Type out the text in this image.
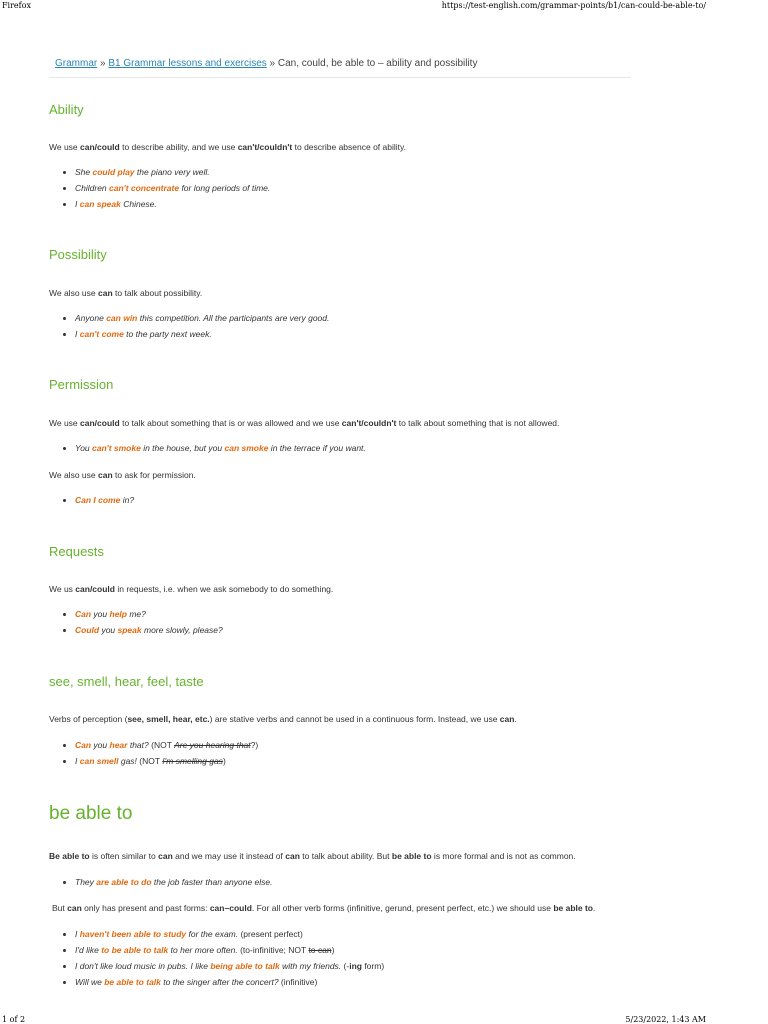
Firefox	https://test-english.com/grammar-points/b1/can-could-be-able-to/
Grammar » B1 Grammar lessons and exercises » Can, could, be able to – ability and possibility
Ability

We use can/could to describe ability, and we use can't/couldn't to describe absence of ability.

• She could play the piano very well.
• Children can't concentrate for long periods of time.
• I can speak Chinese.
Possibility

We also use can to talk about possibility.

• Anyone can win this competition. All the participants are very good.
• I can't come to the party next week.
Permission

We use can/could to talk about something that is or was allowed and we use can't/couldn't to talk about something that is not allowed.

• You can't smoke in the house, but you can smoke in the terrace if you want.

We also use can to ask for permission.

• Can I come in?
Requests

We us can/could in requests, i.e. when we ask somebody to do something.

• Can you help me?
• Could you speak more slowly, please?
see, smell, hear, feel, taste

Verbs of perception (see, smell, hear, etc.) are stative verbs and cannot be used in a continuous form. Instead, we use can.

• Can you hear that? (NOT Are you hearing that?)
• I can smell gas! (NOT I'm smelling gas)
be able to

Be able to is often similar to can and we may use it instead of can to talk about ability. But be able to is more formal and is not as common.

• They are able to do the job faster than anyone else.

But can only has present and past forms: can–could. For all other verb forms (infinitive, gerund, present perfect, etc.) we should use be able to.

• I haven't been able to study for the exam. (present perfect)
• I'd like to be able to talk to her more often. (to-infinitive; NOT to can)
• I don't like loud music in pubs. I like being able to talk with my friends. (-ing form)
• Will we be able to talk to the singer after the concert? (infinitive)
1 of 2	5/23/2022, 1:43 AM
